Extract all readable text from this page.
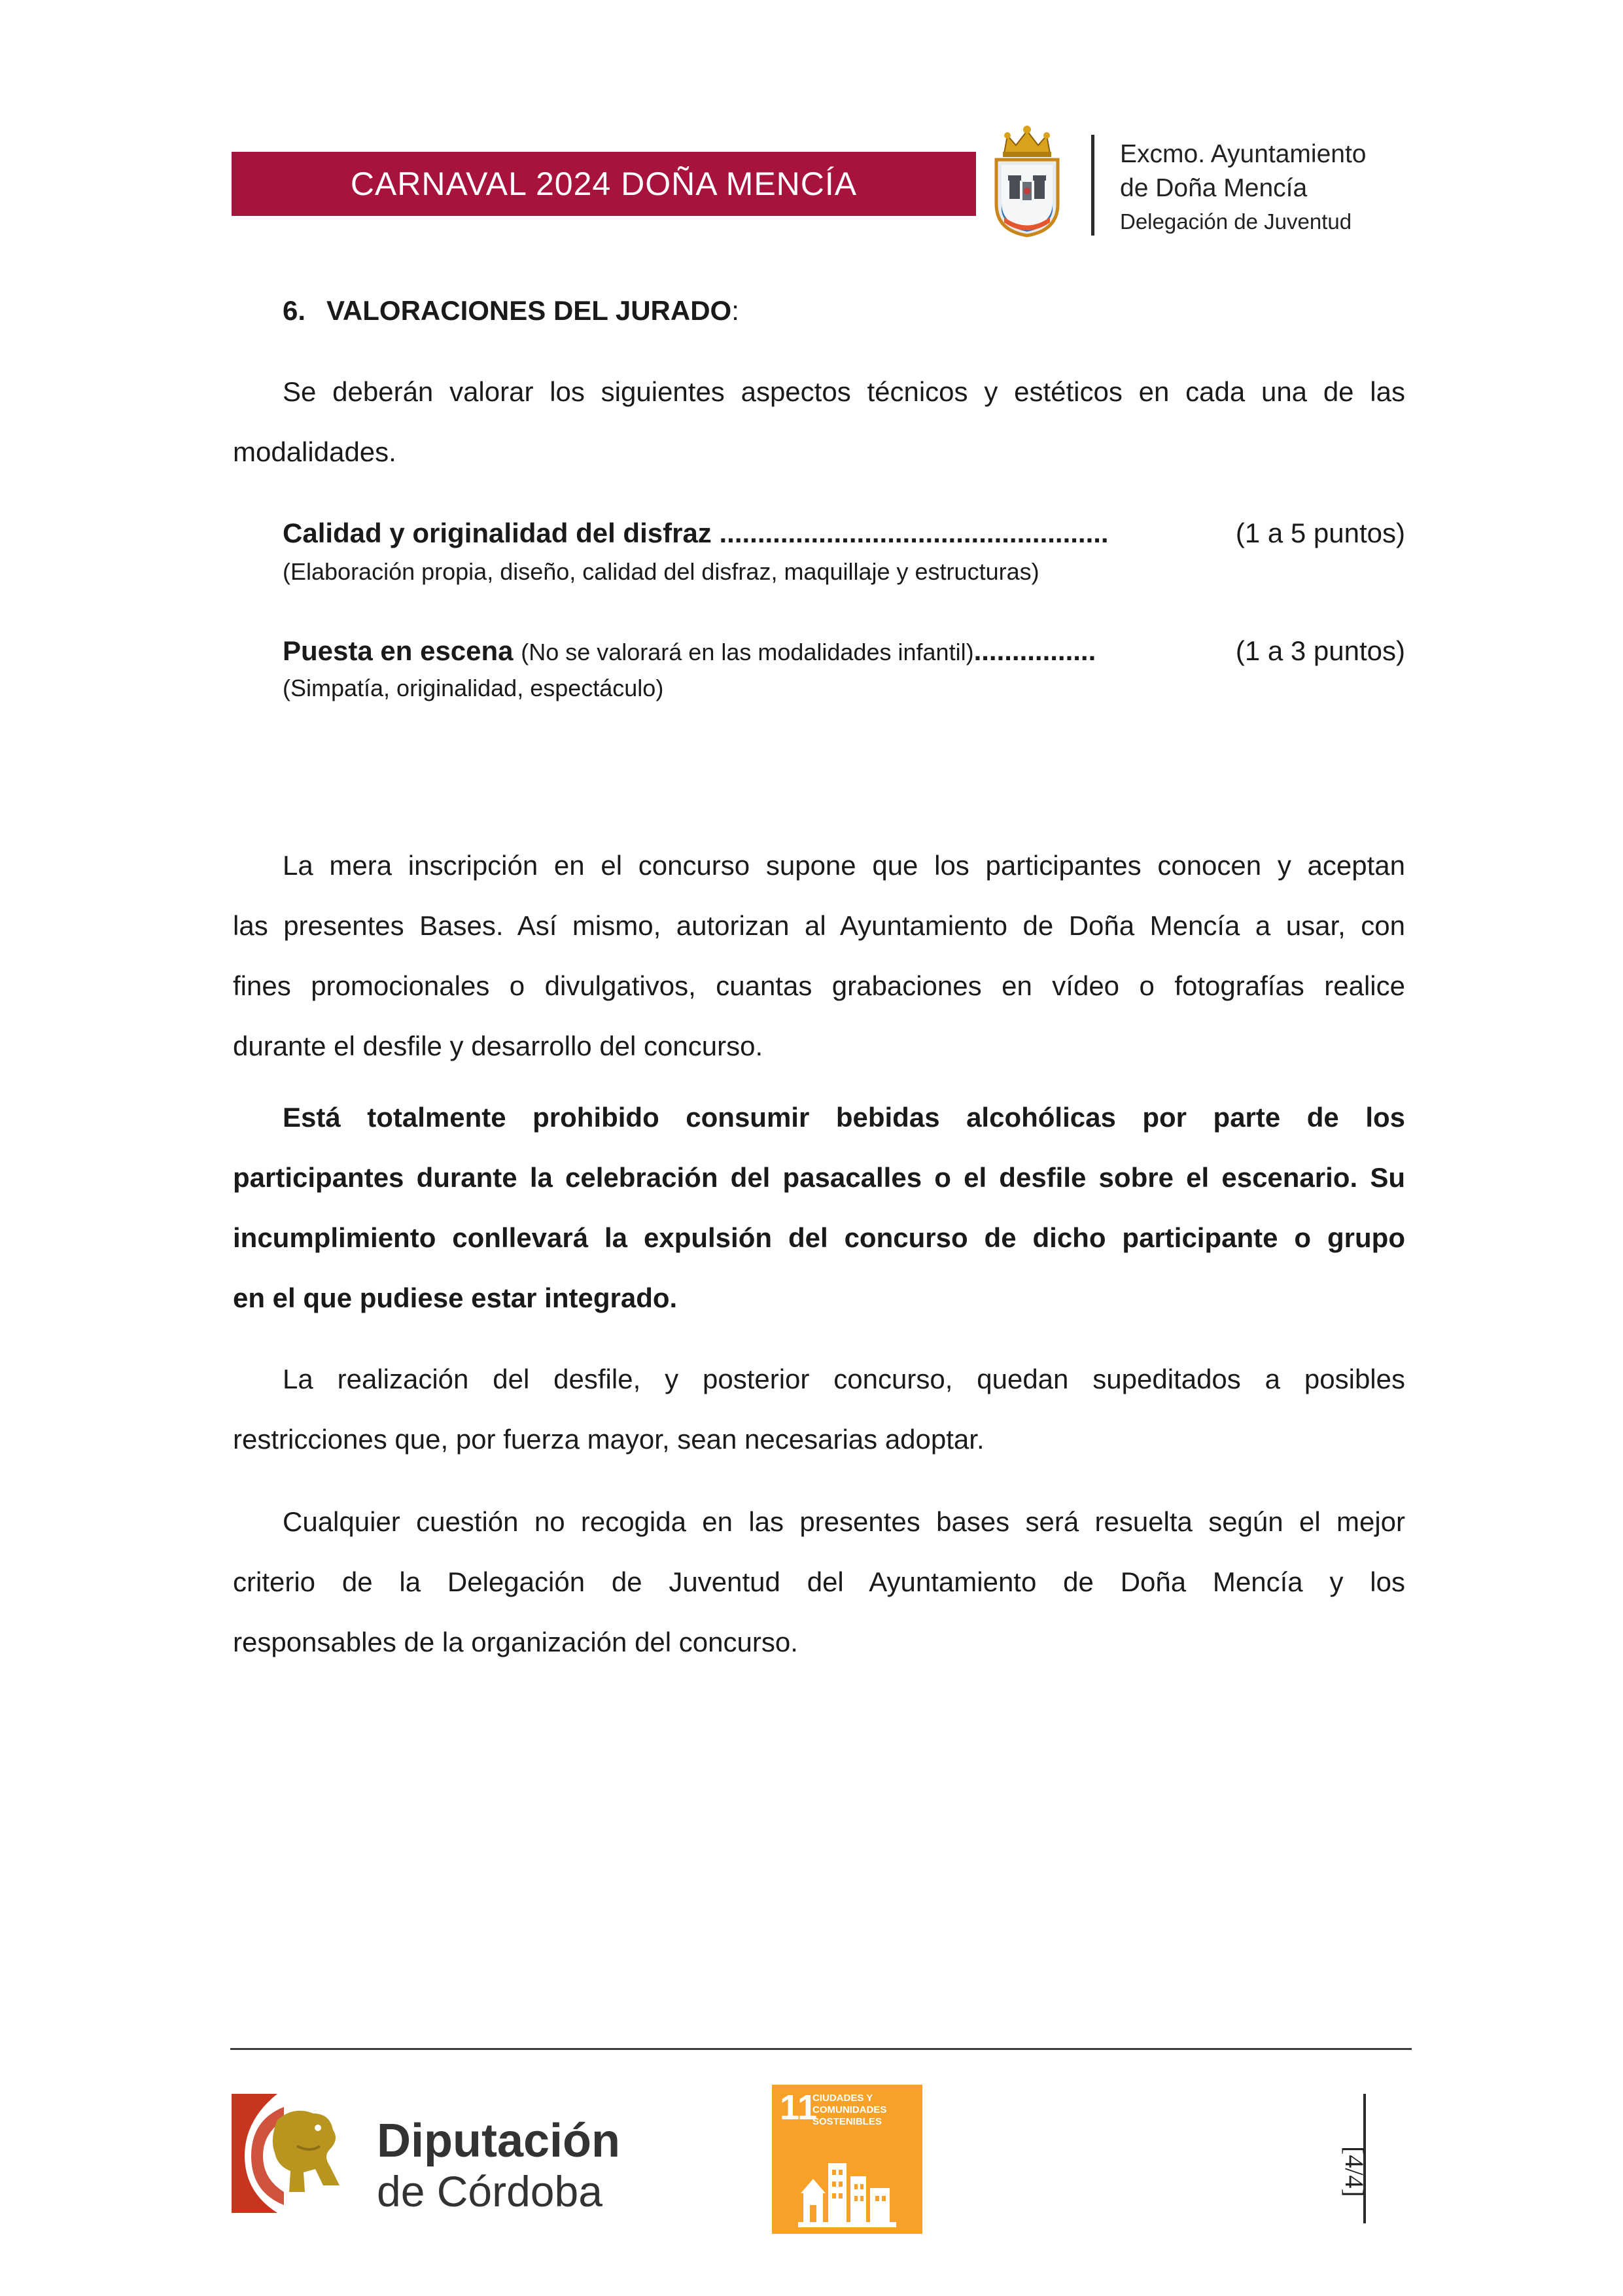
CARNAVAL 2024 DOÑA MENCÍA
Excmo. Ayuntamiento
de Doña Mencía
Delegación de Juventud
6. VALORACIONES DEL JURADO:
Se deberán valorar los siguientes aspectos técnicos y estéticos en cada una de las
modalidades.
Calidad y originalidad del disfraz ...................................................	(1 a 5 puntos)
(Elaboración propia, diseño, calidad del disfraz, maquillaje y estructuras)
Puesta en escena (No se valorará en las modalidades infantil)................	(1 a 3 puntos)
(Simpatía, originalidad, espectáculo)
La mera inscripción en el concurso supone que los participantes conocen y aceptan
las presentes Bases. Así mismo, autorizan al Ayuntamiento de Doña Mencía a usar, con
fines promocionales o divulgativos, cuantas grabaciones en vídeo o fotografías realice
durante el desfile y desarrollo del concurso.
Está totalmente prohibido consumir bebidas alcohólicas por parte de los
participantes durante la celebración del pasacalles o el desfile sobre el escenario. Su
incumplimiento conllevará la expulsión del concurso de dicho participante o grupo
en el que pudiese estar integrado.
La realización del desfile, y posterior concurso, quedan supeditados a posibles
restricciones que, por fuerza mayor, sean necesarias adoptar.
Cualquier cuestión no recogida en las presentes bases será resuelta según el mejor
criterio de la Delegación de Juventud del Ayuntamiento de Doña Mencía y los
responsables de la organización del concurso.
Diputación
de Córdoba
11
CIUDADES Y COMUNIDADES SOSTENIBLES
[4/4]
